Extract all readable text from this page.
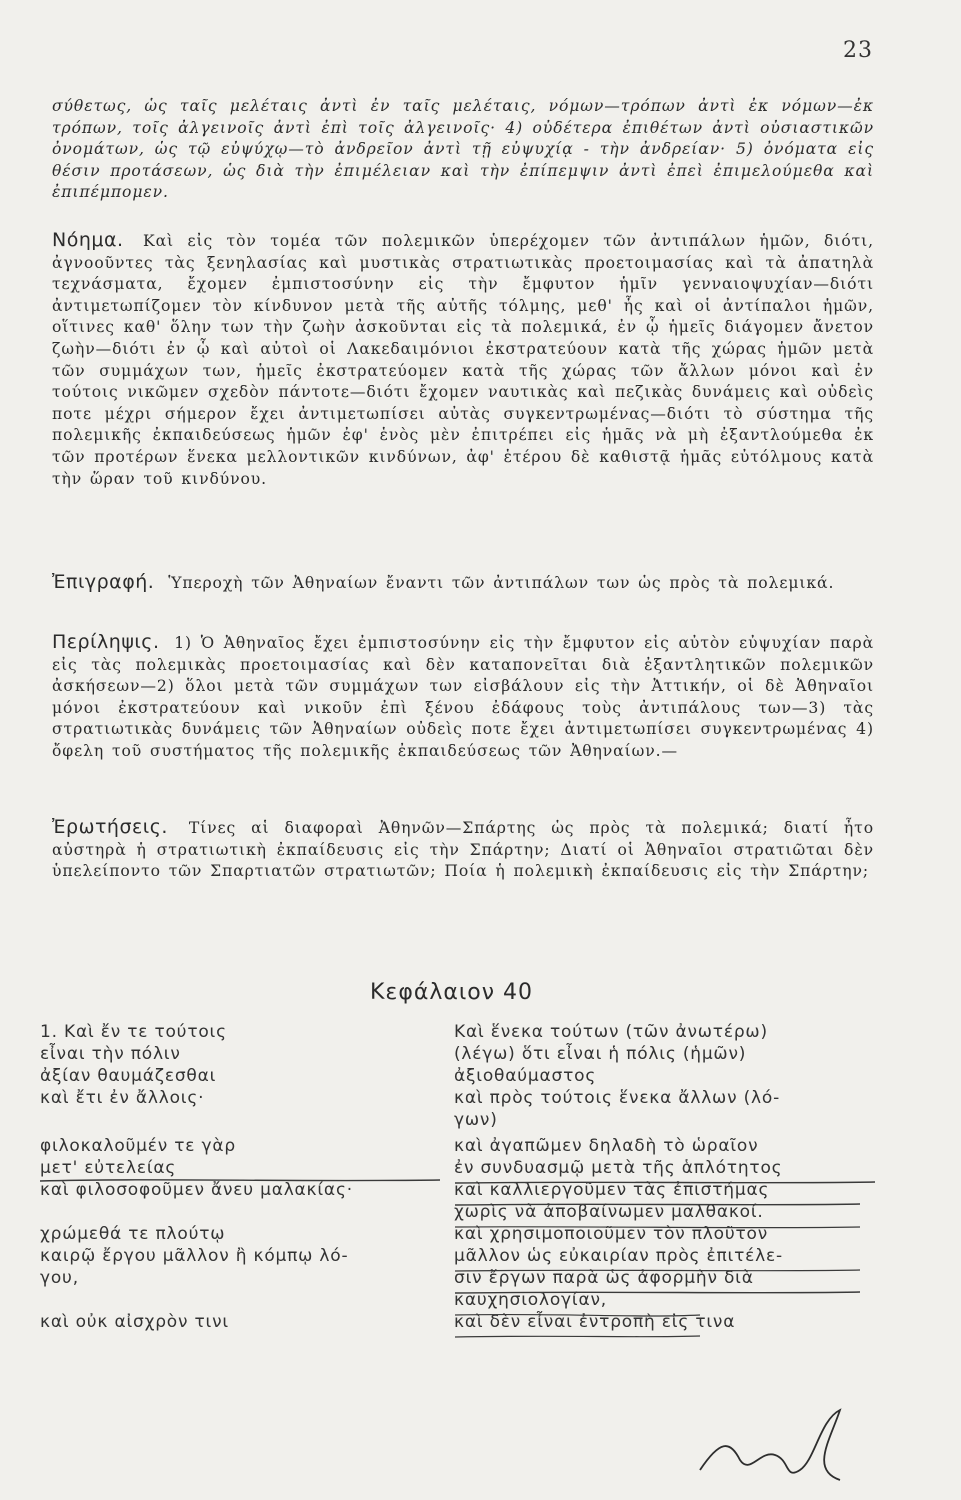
23

σύθετως, ὡς ταῖς μελέταις ἀντὶ ἐν ταῖς μελέταις, νόμων—τρόπων ἀντὶ ἐκ νόμων—ἐκ τρόπων, τοῖς ἀλγεινοῖς ἀντὶ ἐπὶ τοῖς ἀλγεινοῖς· 4) οὐδέτερα ἐπιθέτων ἀντὶ οὐσιαστικῶν ὀνομάτων, ὡς τῷ εὐψύχῳ—τὸ ἀνδρεῖον ἀντὶ τῇ εὐψυχίᾳ - τὴν ἀνδρείαν· 5) ὀνόματα εἰς θέσιν προτάσεων, ὡς διὰ τὴν ἐπιμέλειαν καὶ τὴν ἐπίπεμψιν ἀντὶ ἐπεὶ ἐπιμελούμεθα καὶ ἐπιπέμπομεν.

Νόημα. Καὶ εἰς τὸν τομέα τῶν πολεμικῶν ὑπερέχομεν τῶν ἀντιπάλων ἡμῶν, διότι, ἀγνοοῦντες τὰς ξενηλασίας καὶ μυστικὰς στρατιωτικὰς προετοιμασίας καὶ τὰ ἀπατηλὰ τεχνάσματα, ἔχομεν ἐμπιστοσύνην εἰς τὴν ἔμφυτον ἡμῖν γενναιοψυχίαν—διότι ἀντιμετωπίζομεν τὸν κίνδυνον μετὰ τῆς αὐτῆς τόλμης, μεθ' ἧς καὶ οἱ ἀντίπαλοι ἡμῶν, οἵτινες καθ' ὅλην των τὴν ζωὴν ἀσκοῦνται εἰς τὰ πολεμικά, ἐν ᾧ ἡμεῖς διάγομεν ἄνετον ζωὴν—διότι ἐν ᾧ καὶ αὐτοὶ οἱ Λακεδαιμόνιοι ἐκστρατεύουν κατὰ τῆς χώρας ἡμῶν μετὰ τῶν συμμάχων των, ἡμεῖς ἐκστρατεύομεν κατὰ τῆς χώρας τῶν ἄλλων μόνοι καὶ ἐν τούτοις νικῶμεν σχεδὸν πάντοτε—διότι ἔχομεν ναυτικὰς καὶ πεζικὰς δυνάμεις καὶ οὐδεὶς ποτε μέχρι σήμερον ἔχει ἀντιμετωπίσει αὐτὰς συγκεντρωμένας—διότι τὸ σύστημα τῆς πολεμικῆς ἐκπαιδεύσεως ἡμῶν ἐφ' ἑνὸς μὲν ἐπιτρέπει εἰς ἡμᾶς νὰ μὴ ἐξαντλούμεθα ἐκ τῶν προτέρων ἕνεκα μελλοντικῶν κινδύνων, ἀφ' ἑτέρου δὲ καθιστᾷ ἡμᾶς εὐτόλμους κατὰ τὴν ὥραν τοῦ κινδύνου.

Ἐπιγραφή. Ὑπεροχὴ τῶν Ἀθηναίων ἔναντι τῶν ἀντιπάλων των ὡς πρὸς τὰ πολεμικά.

Περίληψις. 1) Ὁ Ἀθηναῖος ἔχει ἐμπιστοσύνην εἰς τὴν ἔμφυτον εἰς αὐτὸν εὐψυχίαν παρὰ εἰς τὰς πολεμικὰς προετοιμασίας καὶ δὲν καταπονεῖται διὰ ἐξαντλητικῶν πολεμικῶν ἀσκήσεων—2) ὅλοι μετὰ τῶν συμμάχων των εἰσβάλουν εἰς τὴν Ἀττικήν, οἱ δὲ Ἀθηναῖοι μόνοι ἐκστρατεύουν καὶ νικοῦν ἐπὶ ξένου ἐδάφους τοὺς ἀντιπάλους των—3) τὰς στρατιωτικὰς δυνάμεις τῶν Ἀθηναίων οὐδεὶς ποτε ἔχει ἀντιμετωπίσει συγκεντρωμένας 4) ὄφελη τοῦ συστήματος τῆς πολεμικῆς ἐκπαιδεύσεως τῶν Ἀθηναίων.—

Ἐρωτήσεις. Τίνες αἱ διαφοραὶ Ἀθηνῶν—Σπάρτης ὡς πρὸς τὰ πολεμικά; διατί ἦτο αὐστηρὰ ἡ στρατιωτικὴ ἐκπαίδευσις εἰς τὴν Σπάρτην; Διατί οἱ Ἀθηναῖοι στρατιῶται δὲν ὑπελείποντο τῶν Σπαρτιατῶν στρατιωτῶν; Ποία ἡ πολεμικὴ ἐκπαίδευσις εἰς τὴν Σπάρτην;

Κεφάλαιον 40
1. Καὶ ἔν τε τούτοις
εἶναι τὴν πόλιν
ἀξίαν θαυμάζεσθαι
καὶ ἔτι ἐν ἄλλοις·
φιλοκαλοῦμέν τε γὰρ
μετ' εὐτελείας
καὶ φιλοσοφοῦμεν ἄνευ μαλακίας·
χρώμεθά τε πλούτῳ
καιρῷ ἔργου μᾶλλον ἢ κόμπῳ λό-
γου,
καὶ οὐκ αἰσχρὸν τινι
Καὶ ἕνεκα τούτων (τῶν ἀνωτέρω)
(λέγω) ὅτι εἶναι ἡ πόλις (ἡμῶν)
ἀξιοθαύμαστος
καὶ πρὸς τούτοις ἕνεκα ἄλλων (λό-
γων)
καὶ ἀγαπῶμεν δηλαδὴ τὸ ὡραῖον
ἐν συνδυασμῷ μετὰ τῆς ἁπλότητος
καὶ καλλιεργοῦμεν τὰς ἐπιστήμας
χωρὶς νὰ ἀποβαίνωμεν μαλθακοί.
καὶ χρησιμοποιοῦμεν τὸν πλοῦτον
μᾶλλον ὡς εὐκαιρίαν πρὸς ἐπιτέλε-
σιν ἔργων παρὰ ὡς ἀφορμὴν διὰ
καυχησιολογίαν,
καὶ δὲν εἶναι ἐντροπὴ εἰς τινα
